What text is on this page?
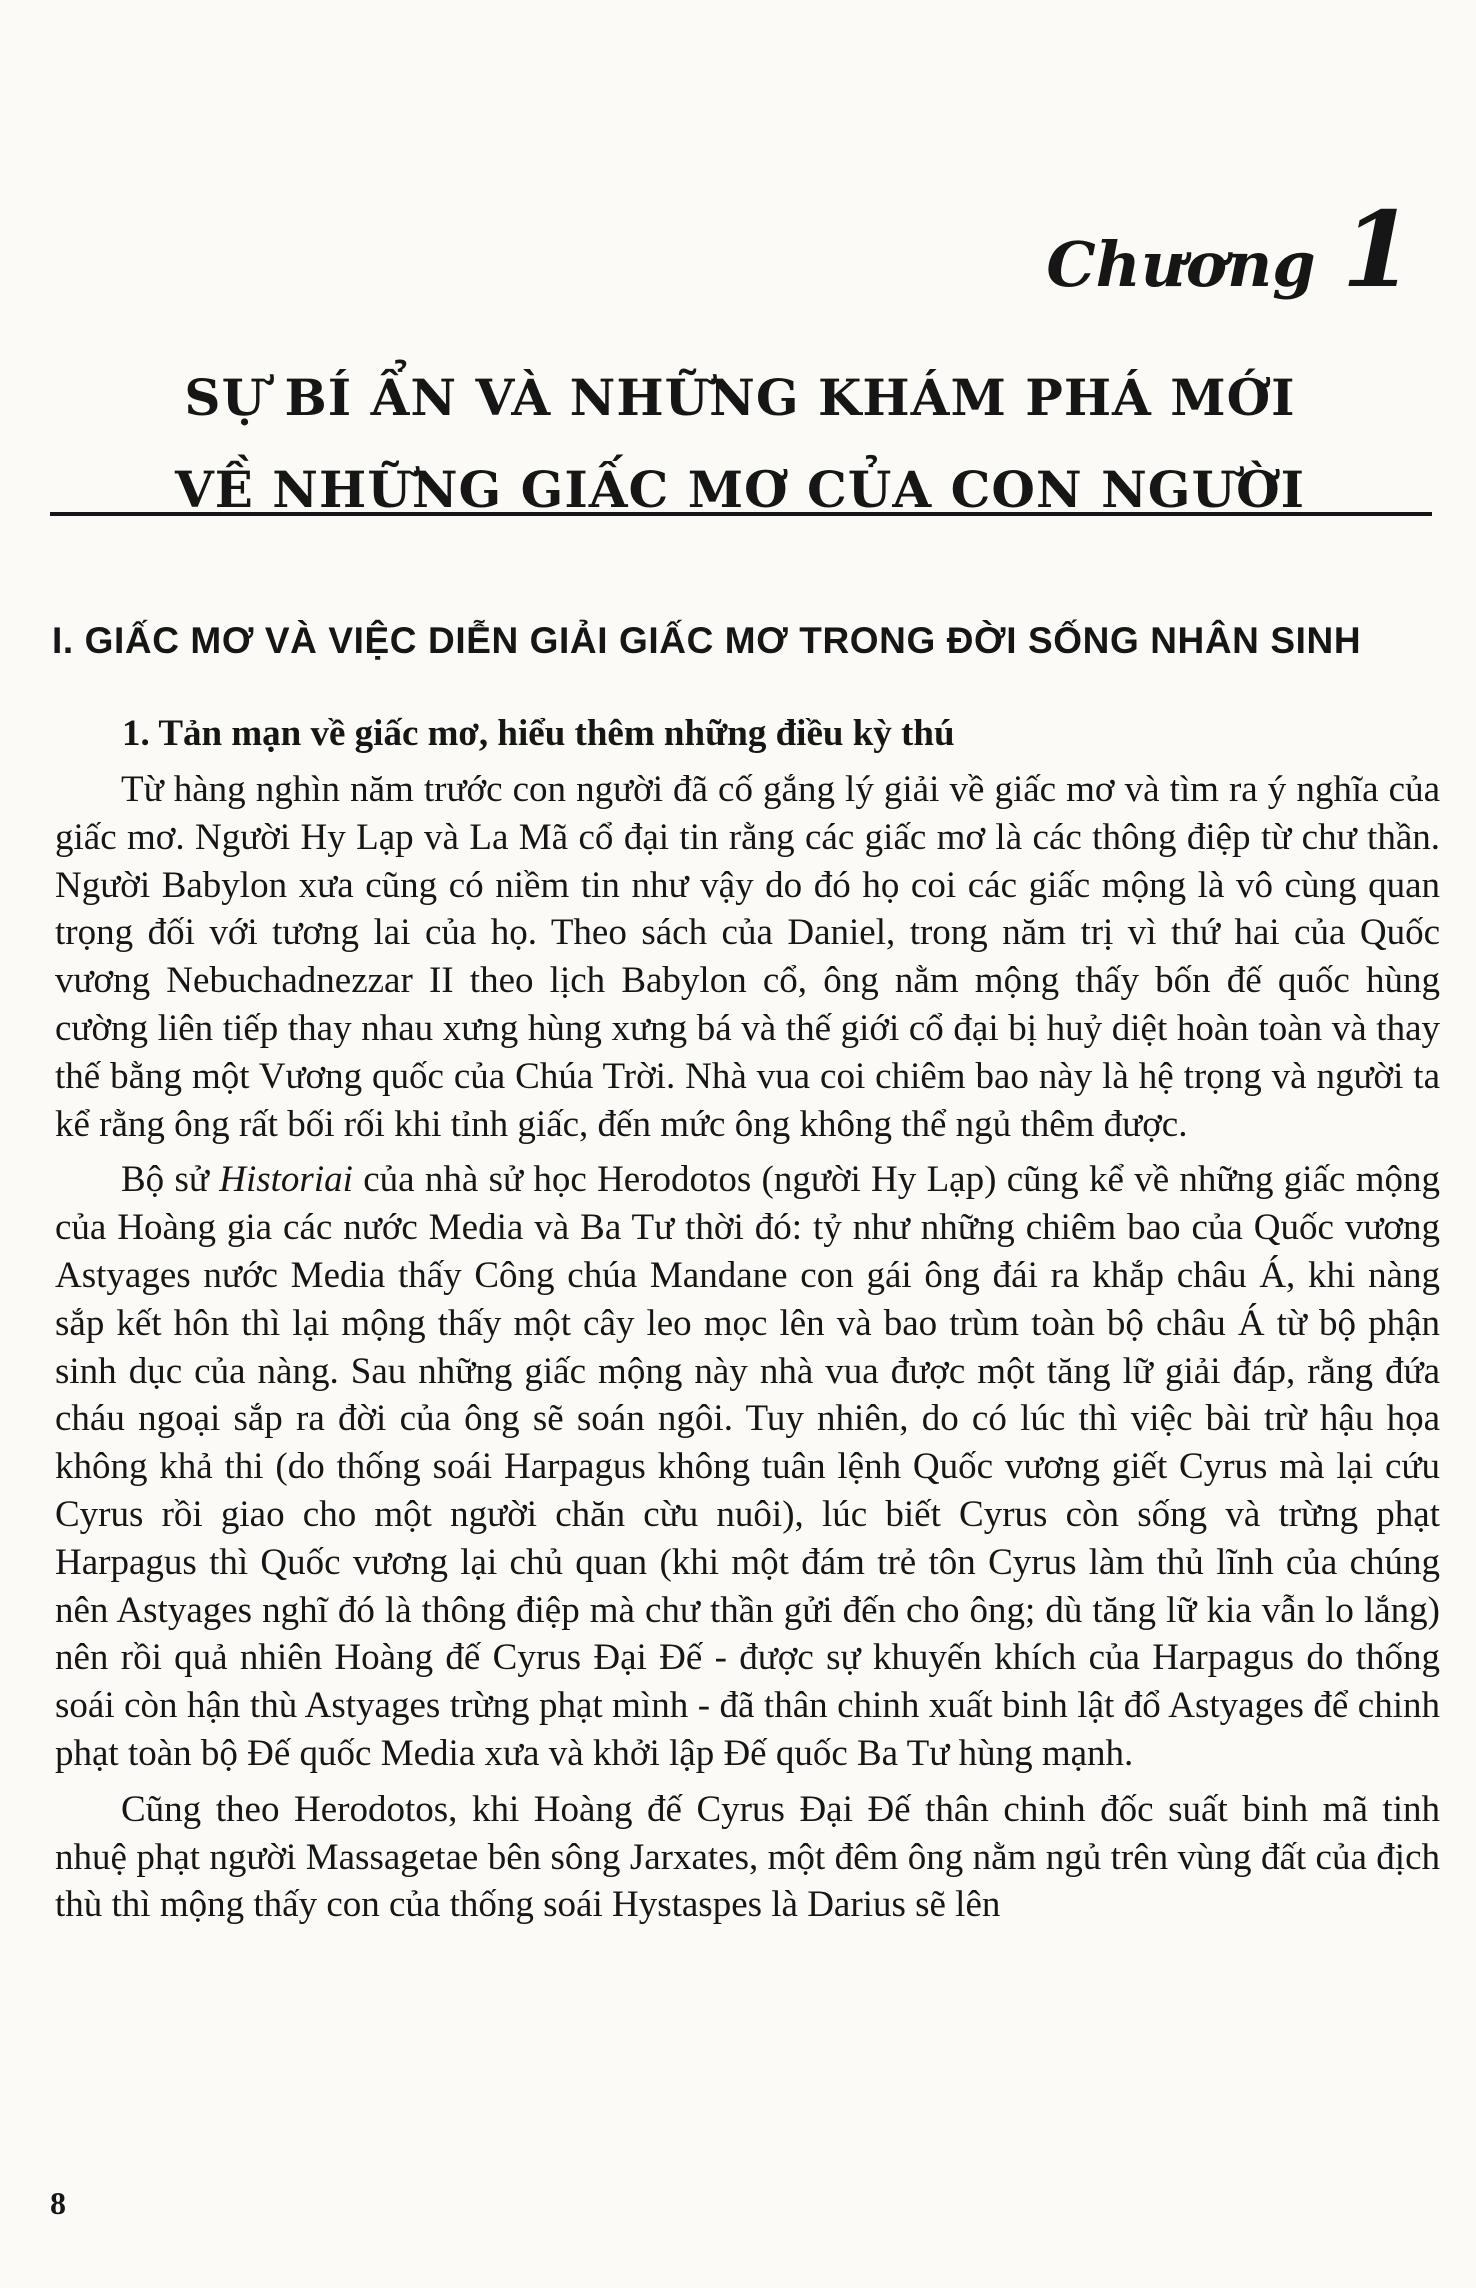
Chương 1
SỰ BÍ ẨN VÀ NHỮNG KHÁM PHÁ MỚI
VỀ NHỮNG GIẤC MƠ CỦA CON NGƯỜI
I. GIẤC MƠ VÀ VIỆC DIỄN GIẢI GIẤC MƠ TRONG ĐỜI SỐNG NHÂN SINH
1. Tản mạn về giấc mơ, hiểu thêm những điều kỳ thú

Từ hàng nghìn năm trước con người đã cố gắng lý giải về giấc mơ và tìm ra ý nghĩa của giấc mơ. Người Hy Lạp và La Mã cổ đại tin rằng các giấc mơ là các thông điệp từ chư thần. Người Babylon xưa cũng có niềm tin như vậy do đó họ coi các giấc mộng là vô cùng quan trọng đối với tương lai của họ. Theo sách của Daniel, trong năm trị vì thứ hai của Quốc vương Nebuchadnezzar II theo lịch Babylon cổ, ông nằm mộng thấy bốn đế quốc hùng cường liên tiếp thay nhau xưng hùng xưng bá và thế giới cổ đại bị huỷ diệt hoàn toàn và thay thế bằng một Vương quốc của Chúa Trời. Nhà vua coi chiêm bao này là hệ trọng và người ta kể rằng ông rất bối rối khi tỉnh giấc, đến mức ông không thể ngủ thêm được.

Bộ sử Historiai của nhà sử học Herodotos (người Hy Lạp) cũng kể về những giấc mộng của Hoàng gia các nước Media và Ba Tư thời đó: tỷ như những chiêm bao của Quốc vương Astyages nước Media thấy Công chúa Mandane con gái ông đái ra khắp châu Á, khi nàng sắp kết hôn thì lại mộng thấy một cây leo mọc lên và bao trùm toàn bộ châu Á từ bộ phận sinh dục của nàng. Sau những giấc mộng này nhà vua được một tăng lữ giải đáp, rằng đứa cháu ngoại sắp ra đời của ông sẽ soán ngôi. Tuy nhiên, do có lúc thì việc bài trừ hậu họa không khả thi (do thống soái Harpagus không tuân lệnh Quốc vương giết Cyrus mà lại cứu Cyrus rồi giao cho một người chăn cừu nuôi), lúc biết Cyrus còn sống và trừng phạt Harpagus thì Quốc vương lại chủ quan (khi một đám trẻ tôn Cyrus làm thủ lĩnh của chúng nên Astyages nghĩ đó là thông điệp mà chư thần gửi đến cho ông; dù tăng lữ kia vẫn lo lắng) nên rồi quả nhiên Hoàng đế Cyrus Đại Đế - được sự khuyến khích của Harpagus do thống soái còn hận thù Astyages trừng phạt mình - đã thân chinh xuất binh lật đổ Astyages để chinh phạt toàn bộ Đế quốc Media xưa và khởi lập Đế quốc Ba Tư hùng mạnh.

Cũng theo Herodotos, khi Hoàng đế Cyrus Đại Đế thân chinh đốc suất binh mã tinh nhuệ phạt người Massagetae bên sông Jarxates, một đêm ông nằm ngủ trên vùng đất của địch thù thì mộng thấy con của thống soái Hystaspes là Darius sẽ lên

8
